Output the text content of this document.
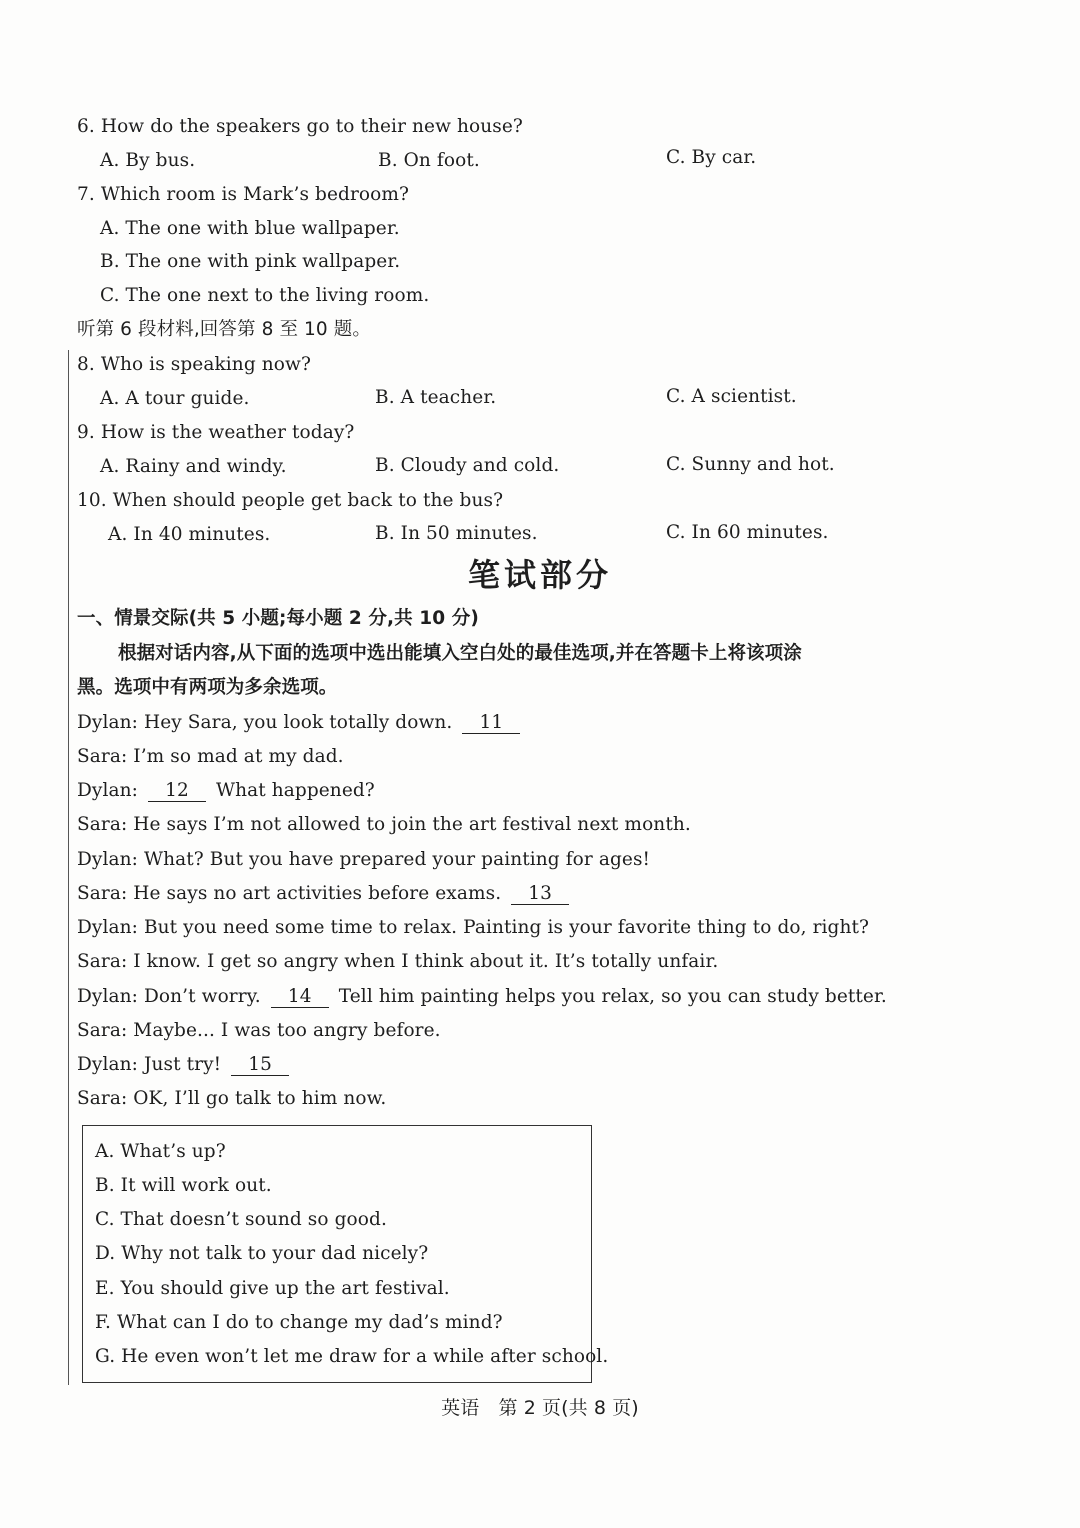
6. How do the speakers go to their new house?
A. By bus.	B. On foot.	C. By car.
7. Which room is Mark’s bedroom?
A. The one with blue wallpaper.
B. The one with pink wallpaper.
C. The one next to the living room.
听第 6 段材料,回答第 8 至 10 题。
8. Who is speaking now?
A. A tour guide.	B. A teacher.	C. A scientist.
9. How is the weather today?
A. Rainy and windy.	B. Cloudy and cold.	C. Sunny and hot.
10. When should people get back to the bus?
A. In 40 minutes.	B. In 50 minutes.	C. In 60 minutes.
笔试部分
一、情景交际(共 5 小题;每小题 2 分,共 10 分)
根据对话内容,从下面的选项中选出能填入空白处的最佳选项,并在答题卡上将该项涂
黑。选项中有两项为多余选项。
Dylan: Hey Sara, you look totally down. 11
Sara: I’m so mad at my dad.
Dylan: 12 What happened?
Sara: He says I’m not allowed to join the art festival next month.
Dylan: What? But you have prepared your painting for ages!
Sara: He says no art activities before exams. 13
Dylan: But you need some time to relax. Painting is your favorite thing to do, right?
Sara: I know. I get so angry when I think about it. It’s totally unfair.
Dylan: Don’t worry. 14 Tell him painting helps you relax, so you can study better.
Sara: Maybe... I was too angry before.
Dylan: Just try! 15
Sara: OK, I’ll go talk to him now.
A. What’s up?
B. It will work out.
C. That doesn’t sound so good.
D. Why not talk to your dad nicely?
E. You should give up the art festival.
F. What can I do to change my dad’s mind?
G. He even won’t let me draw for a while after school.
英语　第 2 页(共 8 页)
